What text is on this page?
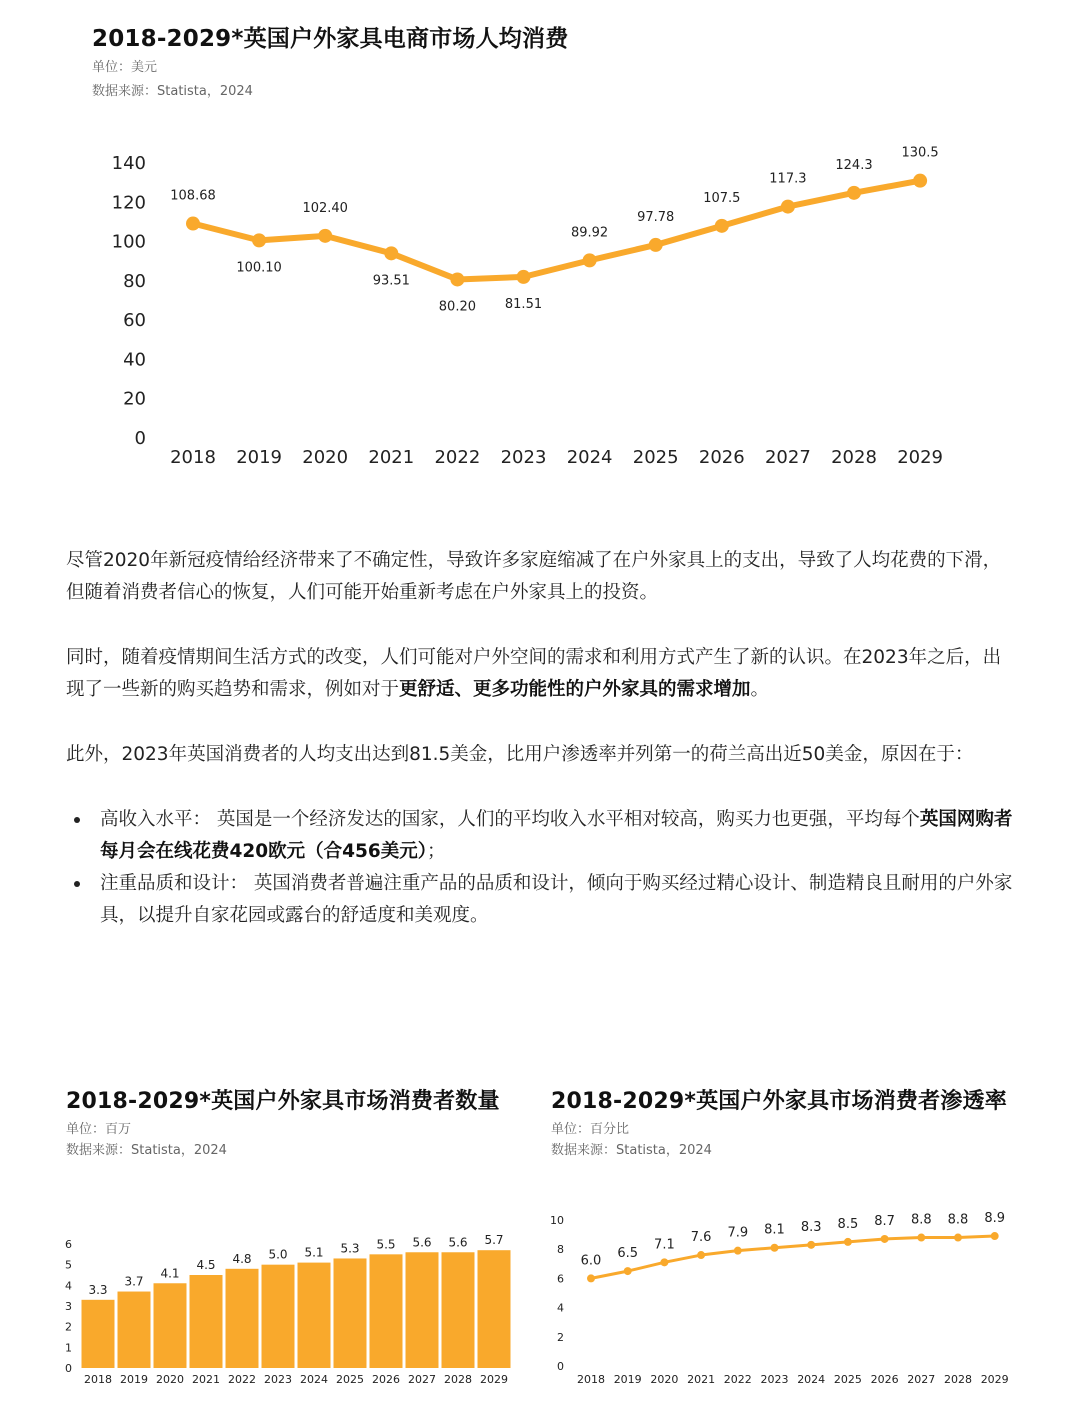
2018-2029*英国户外家具电商市场人均消费
单位：美元
数据来源：Statista，2024
0
20
40
60
80
100
120
140
2018 2019 2020 2021 2022 2023 2024 2025 2026 2027 2028 2029
108.68
100.10
102.40
93.51
80.20 81.51
89.92
97.78
107.5
117.3
124.3
130.5

尽管2020年新冠疫情给经济带来了不确定性，导致许多家庭缩减了在户外家具上的支出，导致了人均花费的下滑，但随着消费者信心的恢复，人们可能开始重新考虑在户外家具上的投资。

同时，随着疫情期间生活方式的改变，人们可能对户外空间的需求和利用方式产生了新的认识。在2023年之后，出现了一些新的购买趋势和需求，例如对于更舒适、更多功能性的户外家具的需求增加。

此外，2023年英国消费者的人均支出达到81.5美金，比用户渗透率并列第一的荷兰高出近50美金，原因在于：

高收入水平： 英国是一个经济发达的国家，人们的平均收入水平相对较高，购买力也更强，平均每个英国网购者每月会在线花费420欧元（合456美元）；
注重品质和设计： 英国消费者普遍注重产品的品质和设计，倾向于购买经过精心设计、制造精良且耐用的户外家具，以提升自家花园或露台的舒适度和美观度。
2018-2029*英国户外家具市场消费者数量
单位：百万
数据来源：Statista，2024
0
1
2
3
4
5
6
3.3
2018
3.7
2019
4.1
2020
4.5
2021
4.8
2022
5.0
2023
5.1
2024
5.3
2025
5.5
2026
5.6
2027
5.6
2028
5.7
2029
2018-2029*英国户外家具市场消费者渗透率
单位：百分比
数据来源：Statista，2024
0
2
4
6
8
10
6.0
2018
6.5
2019
7.1
2020
7.6
2021
7.9
2022
8.1
2023
8.3
2024
8.5
2025
8.7
2026
8.8
2027
8.8
2028
8.9
2029
